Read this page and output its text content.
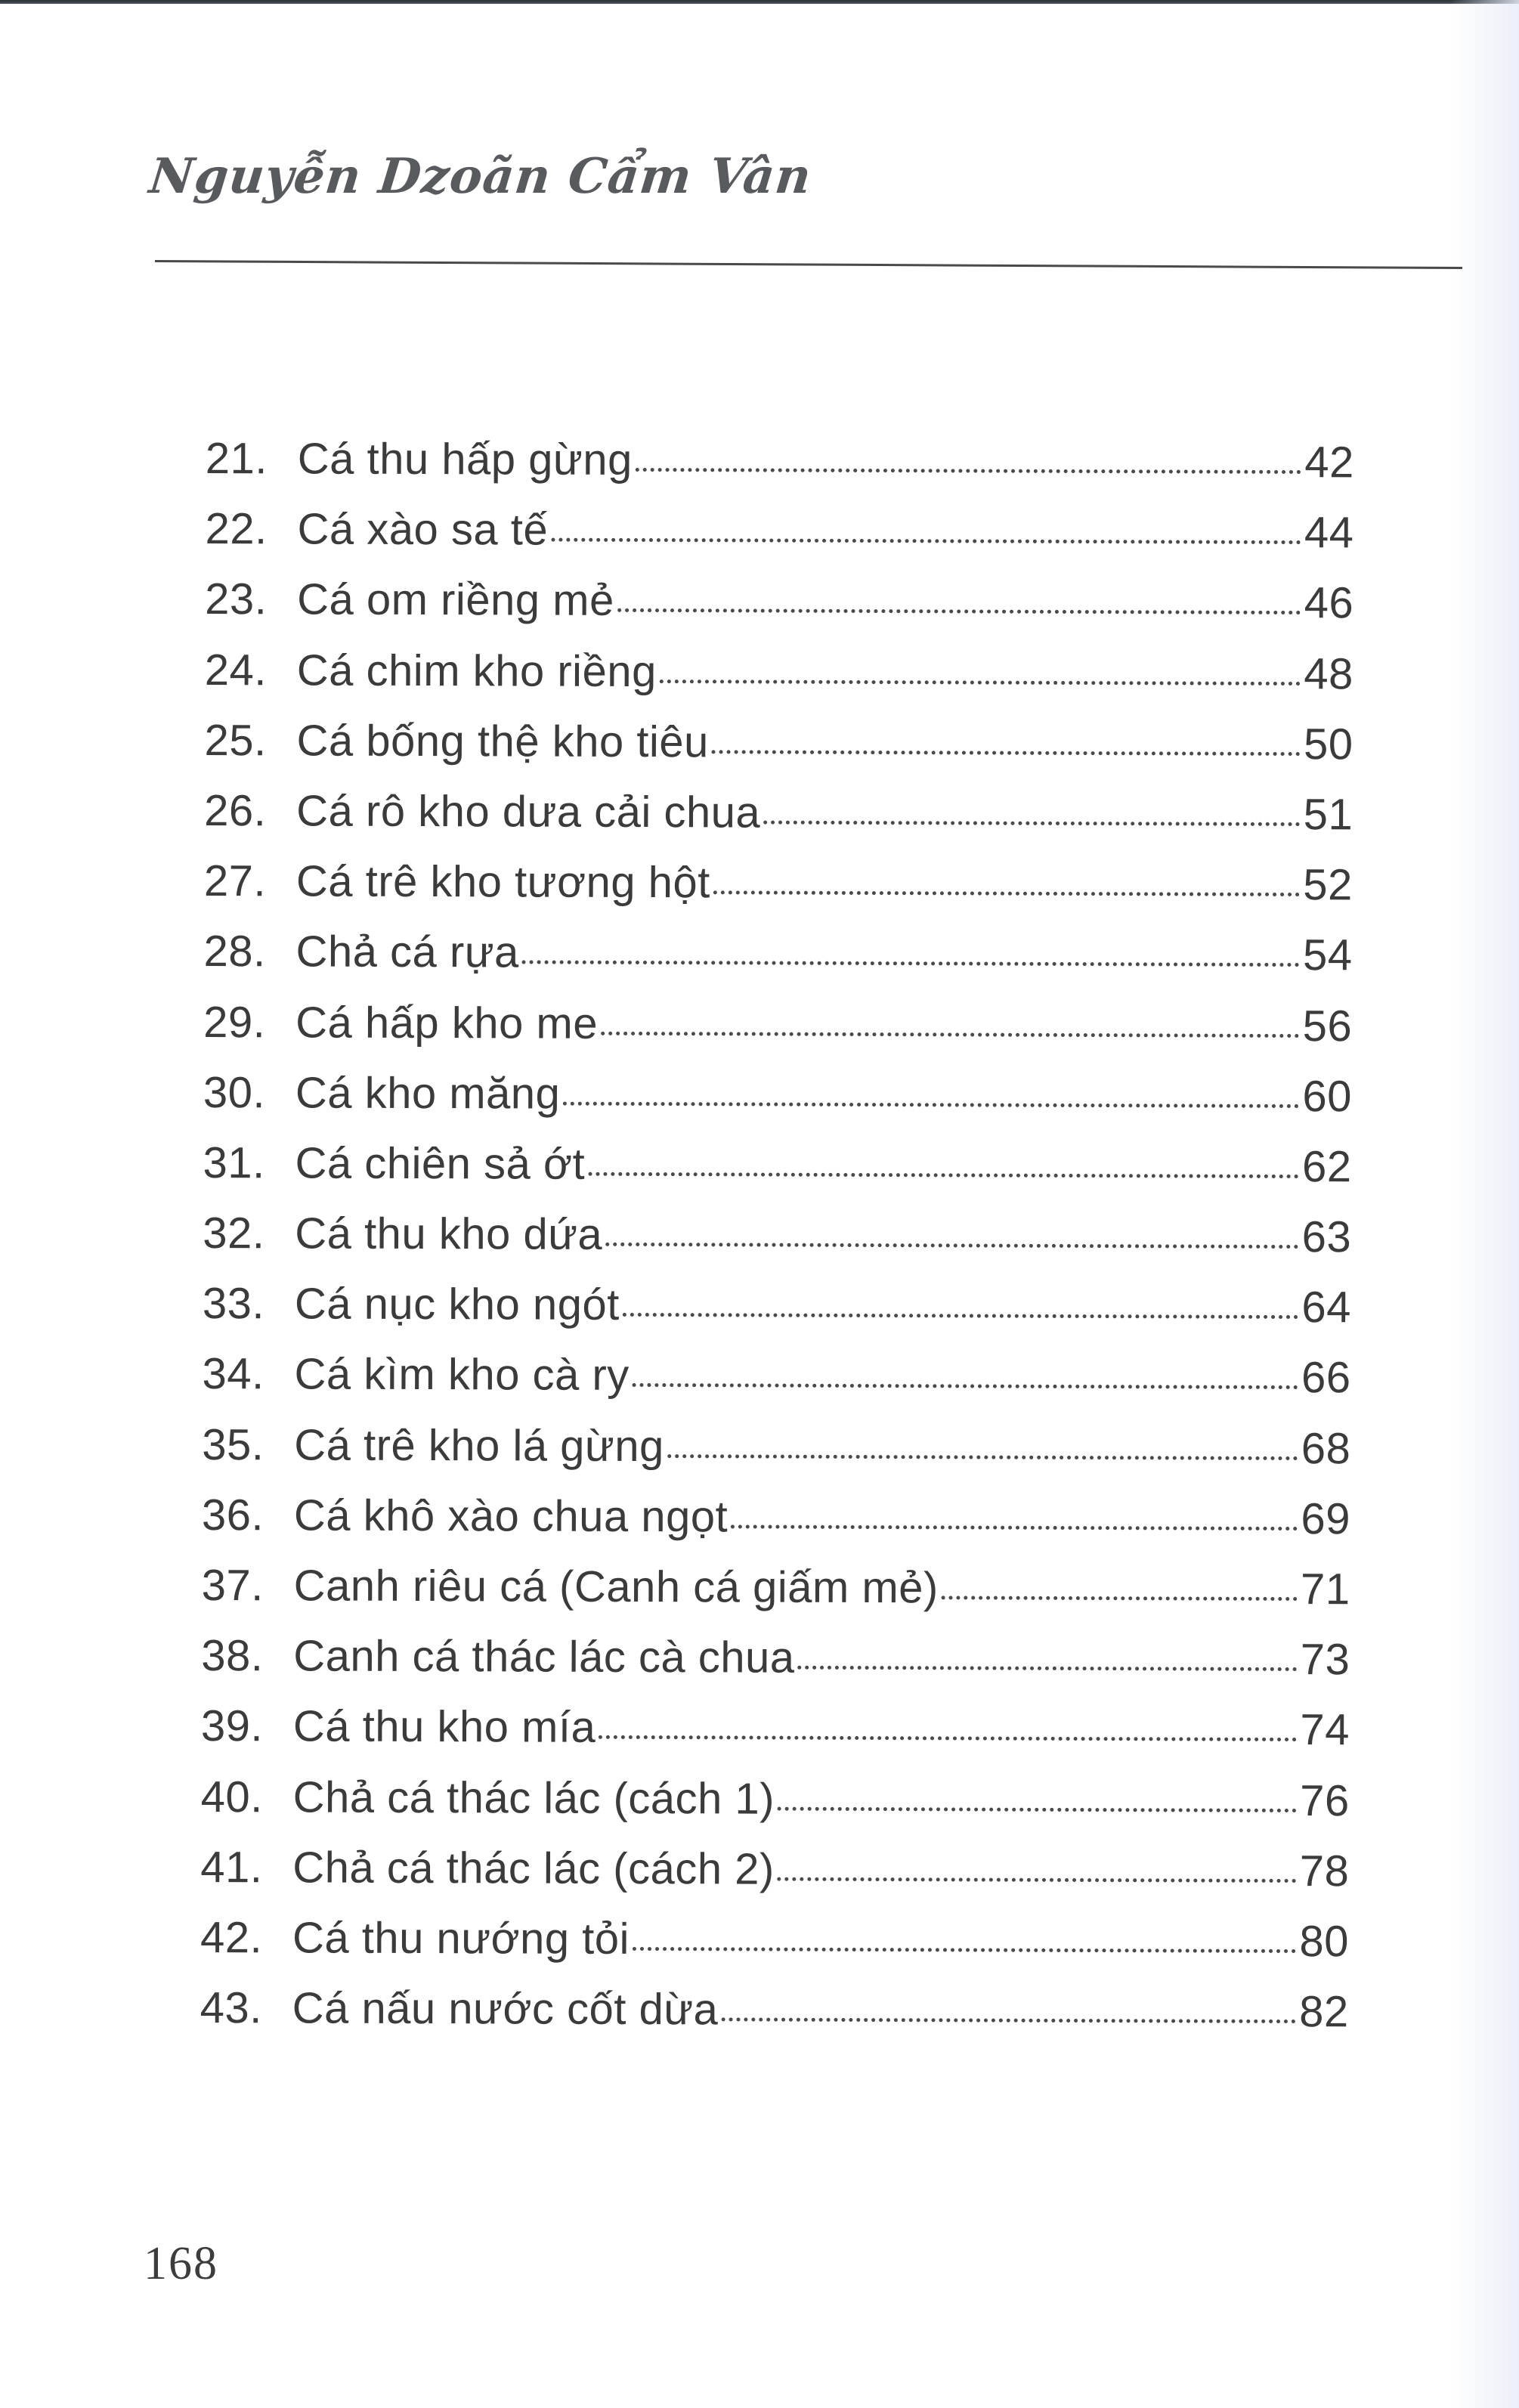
Nguyễn Dzoãn Cẩm Vân
21. Cá thu hấp gừng	42
22. Cá xào sa tế	44
23. Cá om riềng mẻ	46
24. Cá chim kho riềng	48
25. Cá bống thệ kho tiêu	50
26. Cá rô kho dưa cải chua	51
27. Cá trê kho tương hột	52
28. Chả cá rựa	54
29. Cá hấp kho me	56
30. Cá kho măng	60
31. Cá chiên sả ớt	62
32. Cá thu kho dứa	63
33. Cá nục kho ngót	64
34. Cá kìm kho cà ry	66
35. Cá trê kho lá gừng	68
36. Cá khô xào chua ngọt	69
37. Canh riêu cá (Canh cá giấm mẻ)	71
38. Canh cá thác lác cà chua	73
39. Cá thu kho mía	74
40. Chả cá thác lác (cách 1)	76
41. Chả cá thác lác (cách 2)	78
42. Cá thu nướng tỏi	80
43. Cá nấu nước cốt dừa	82
168
